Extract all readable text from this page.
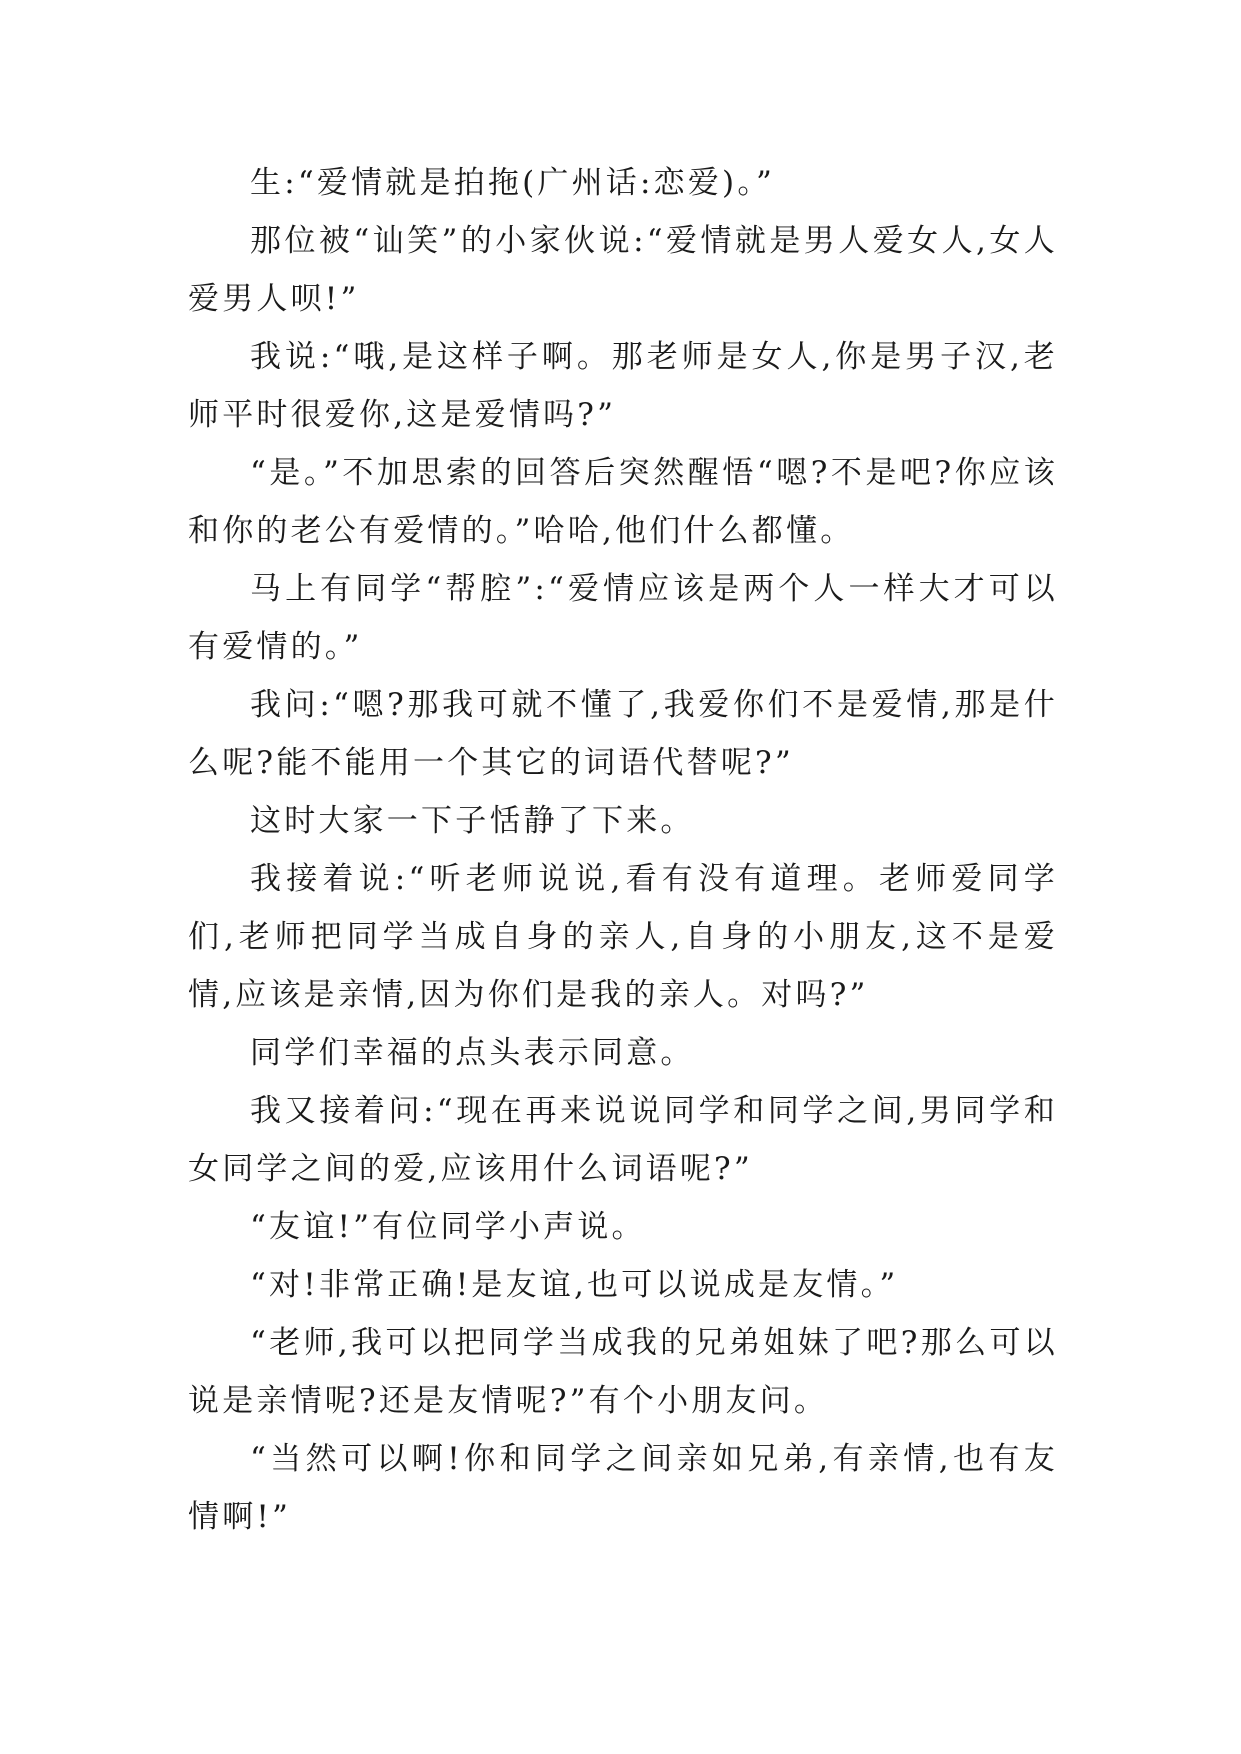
生:“爱情就是拍拖(广州话:恋爱)。”

那位被“讪笑”的小家伙说:“爱情就是男人爱女人,女人爱男人呗!”

我说:“哦,是这样子啊。那老师是女人,你是男子汉,老师平时很爱你,这是爱情吗?”

“是。”不加思索的回答后突然醒悟“嗯?不是吧?你应该和你的老公有爱情的。”哈哈,他们什么都懂。

马上有同学“帮腔”:“爱情应该是两个人一样大才可以有爱情的。”

我问:“嗯?那我可就不懂了,我爱你们不是爱情,那是什么呢?能不能用一个其它的词语代替呢?”

这时大家一下子恬静了下来。

我接着说:“听老师说说,看有没有道理。老师爱同学们,老师把同学当成自身的亲人,自身的小朋友,这不是爱情,应该是亲情,因为你们是我的亲人。对吗?”

同学们幸福的点头表示同意。

我又接着问:“现在再来说说同学和同学之间,男同学和女同学之间的爱,应该用什么词语呢?”

“友谊!”有位同学小声说。

“对!非常正确!是友谊,也可以说成是友情。”

“老师,我可以把同学当成我的兄弟姐妹了吧?那么可以说是亲情呢?还是友情呢?”有个小朋友问。

“当然可以啊!你和同学之间亲如兄弟,有亲情,也有友情啊!”
